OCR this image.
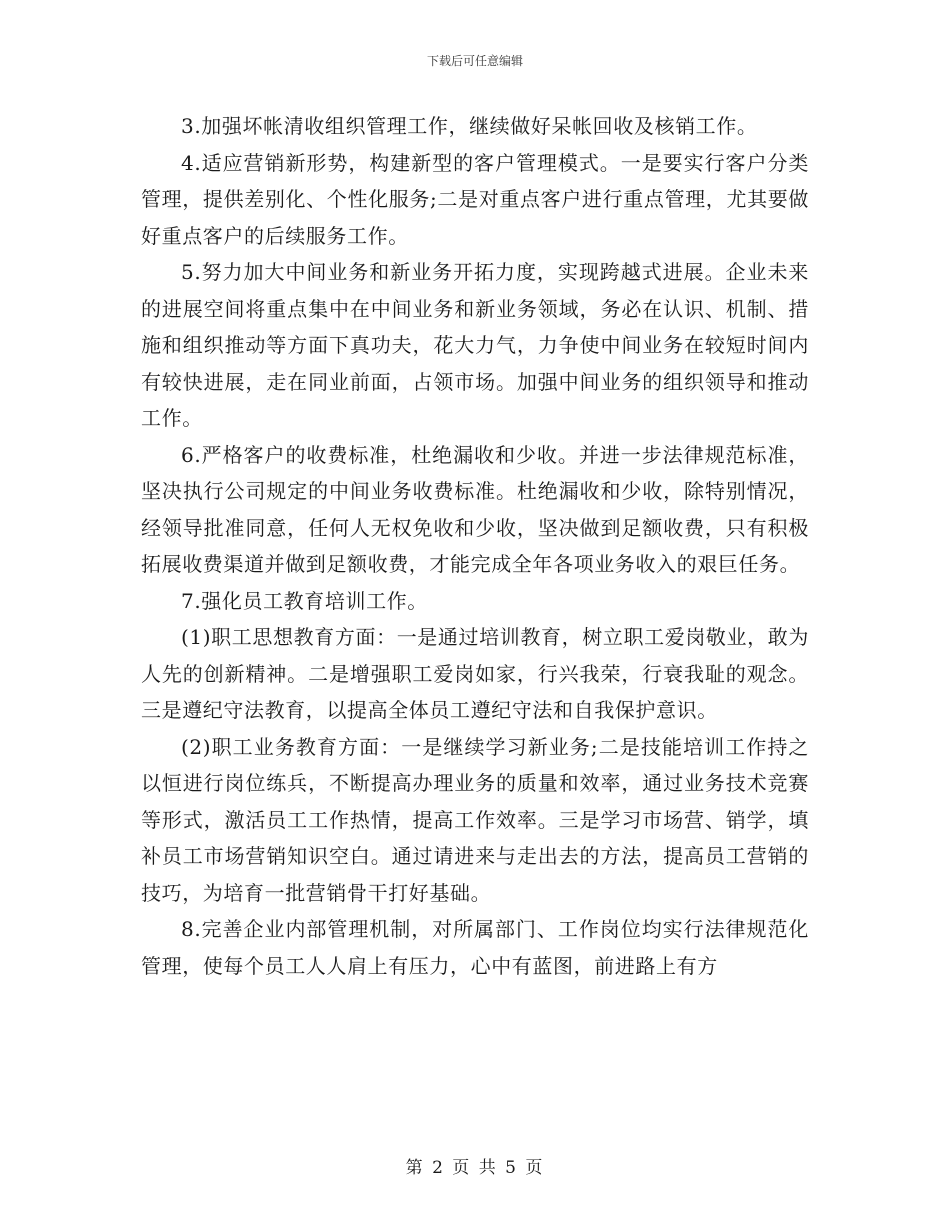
下载后可任意编辑

3.加强坏帐清收组织管理工作，继续做好呆帐回收及核销工作。

4.适应营销新形势，构建新型的客户管理模式。一是要实行客户分类管理，提供差别化、个性化服务;二是对重点客户进行重点管理，尤其要做好重点客户的后续服务工作。

5.努力加大中间业务和新业务开拓力度，实现跨越式进展。企业未来的进展空间将重点集中在中间业务和新业务领域，务必在认识、机制、措施和组织推动等方面下真功夫，花大力气，力争使中间业务在较短时间内有较快进展，走在同业前面，占领市场。加强中间业务的组织领导和推动工作。

6.严格客户的收费标准，杜绝漏收和少收。并进一步法律规范标准，坚决执行公司规定的中间业务收费标准。杜绝漏收和少收，除特别情况，经领导批准同意，任何人无权免收和少收，坚决做到足额收费，只有积极拓展收费渠道并做到足额收费，才能完成全年各项业务收入的艰巨任务。

7.强化员工教育培训工作。

(1)职工思想教育方面：一是通过培训教育，树立职工爱岗敬业，敢为人先的创新精神。二是增强职工爱岗如家，行兴我荣，行衰我耻的观念。三是遵纪守法教育，以提高全体员工遵纪守法和自我保护意识。

(2)职工业务教育方面：一是继续学习新业务;二是技能培训工作持之以恒进行岗位练兵，不断提高办理业务的质量和效率，通过业务技术竞赛等形式，激活员工工作热情，提高工作效率。三是学习市场营、销学，填补员工市场营销知识空白。通过请进来与走出去的方法，提高员工营销的技巧，为培育一批营销骨干打好基础。

8.完善企业内部管理机制，对所属部门、工作岗位均实行法律规范化管理，使每个员工人人肩上有压力，心中有蓝图，前进路上有方

第 2 页 共 5 页
